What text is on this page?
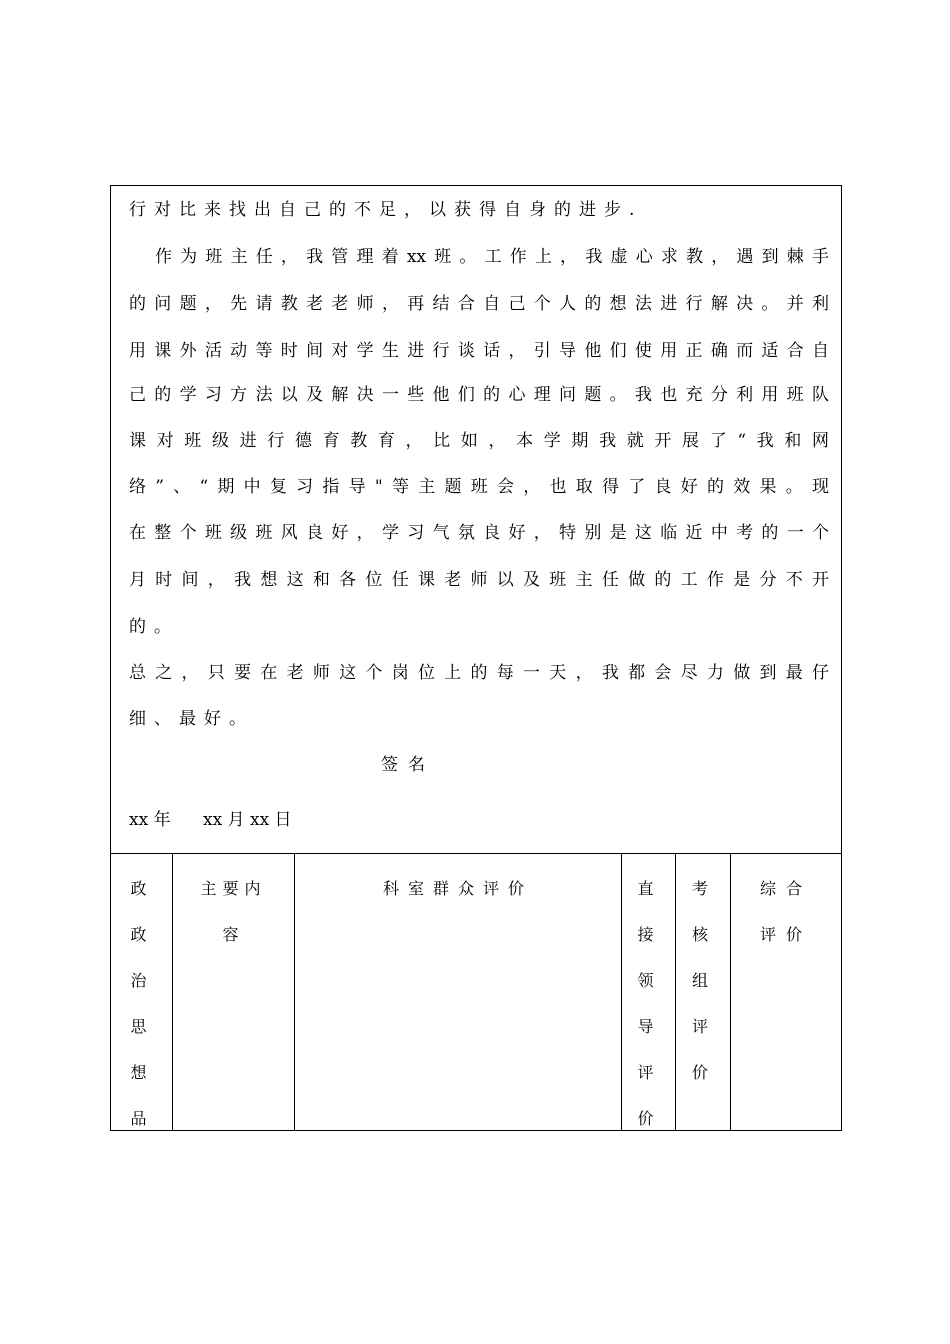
行对比来找出自己的不足，以获得自身的进步.
作为班主任，我管理着xx班。工作上，我虚心求教，遇到棘手
的问题，先请教老老师，再结合自己个人的想法进行解决。并利
用课外活动等时间对学生进行谈话，引导他们使用正确而适合自
己的学习方法以及解决一些他们的心理问题。我也充分利用班队
课对班级进行德育教育，比如，本学期我就开展了“我和网
络”、“期中复习指导"等主题班会，也取得了良好的效果。现
在整个班级班风良好，学习气氛良好，特别是这临近中考的一个
月时间，我想这和各位任课老师以及班主任做的工作是分不开
的。
总之，只要在老师这个岗位上的每一天，我都会尽力做到最仔
细、最好。
签名
xx 年      xx 月 xx 日
政
政
治
思
想
品
主要内
容
科室群众评价	直
接
领
导
评
价
考
核
组
评
价
综合
评价
